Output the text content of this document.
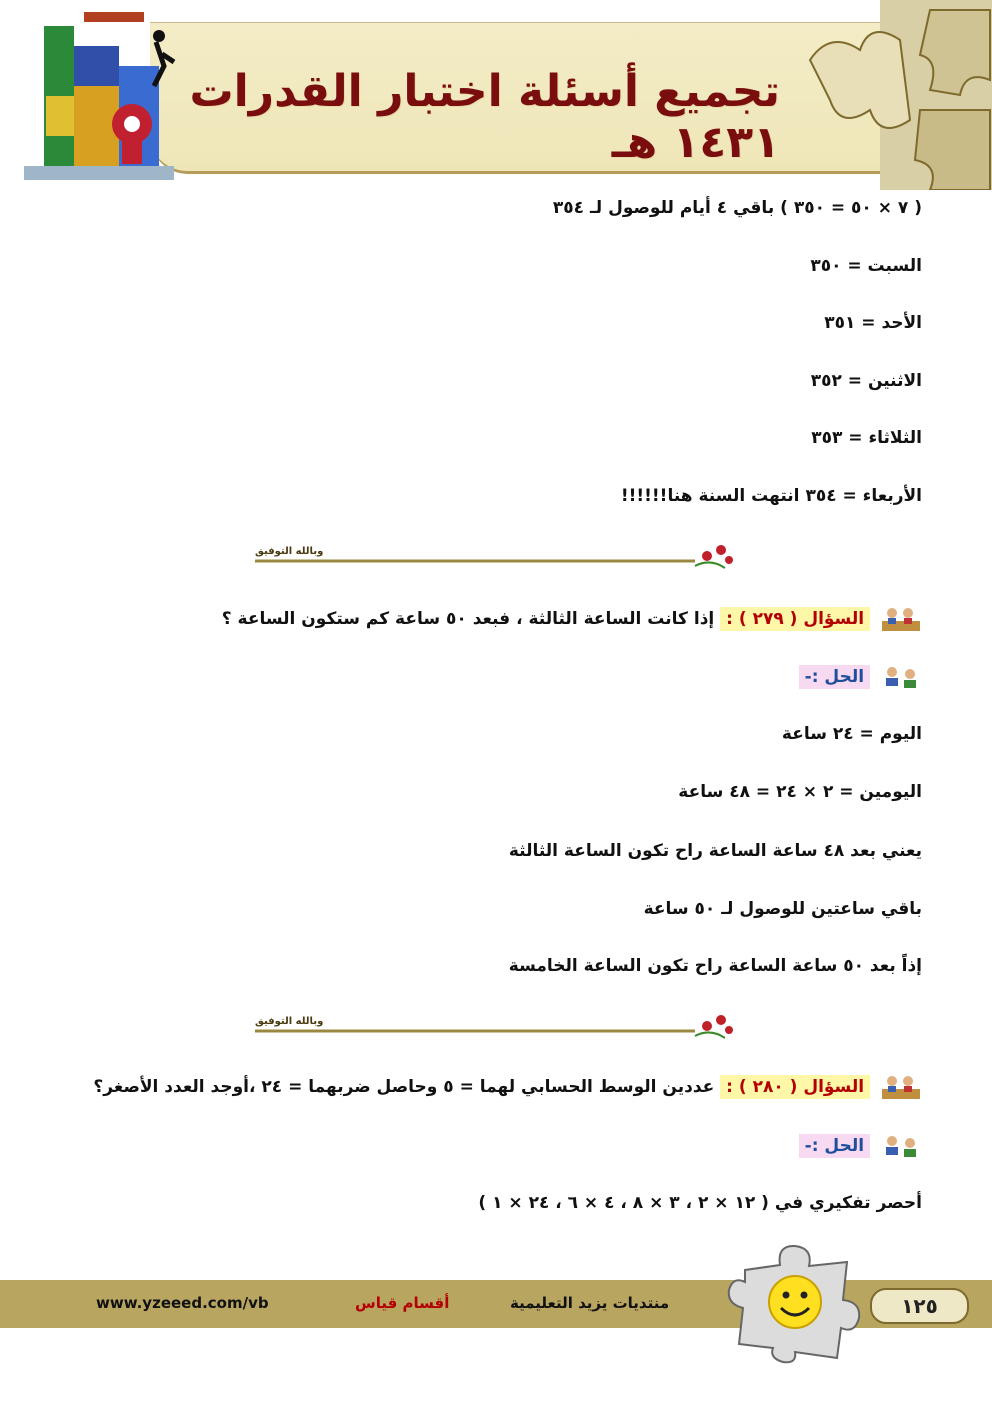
تجميع أسئلة اختبار القدرات ١٤٣١ هـ
( ٧ × ٥٠ = ٣٥٠ ) باقي ٤ أيام للوصول لـ ٣٥٤
السبت = ٣٥٠
الأحد = ٣٥١
الاثنين = ٣٥٢
الثلاثاء = ٣٥٣
الأربعاء = ٣٥٤ انتهت السنة هنا!!!!!!
وبالله التوفيق
السؤال ( ٢٧٩ ) : إذا كانت الساعة الثالثة ، فبعد ٥٠ ساعة كم ستكون الساعة ؟
الحل :-
اليوم = ٢٤ ساعة
اليومين = ٢ × ٢٤ = ٤٨ ساعة
يعني بعد ٤٨ ساعة الساعة راح تكون الساعة الثالثة
باقي ساعتين للوصول لـ ٥٠ ساعة
إذاً بعد ٥٠ ساعة الساعة راح تكون الساعة الخامسة
وبالله التوفيق
السؤال ( ٢٨٠ ) : عددين الوسط الحسابي لهما = ٥ وحاصل ضربهما = ٢٤ ،أوجد العدد الأصغر؟
الحل :-
أحصر تفكيري في ( ١٢ × ٢ ، ٣ × ٨ ، ٤ × ٦ ، ٢٤ × ١ )
www.yzeeed.com/vb	أقسام قياس	منتديات يزيد التعليمية	١٢٥
